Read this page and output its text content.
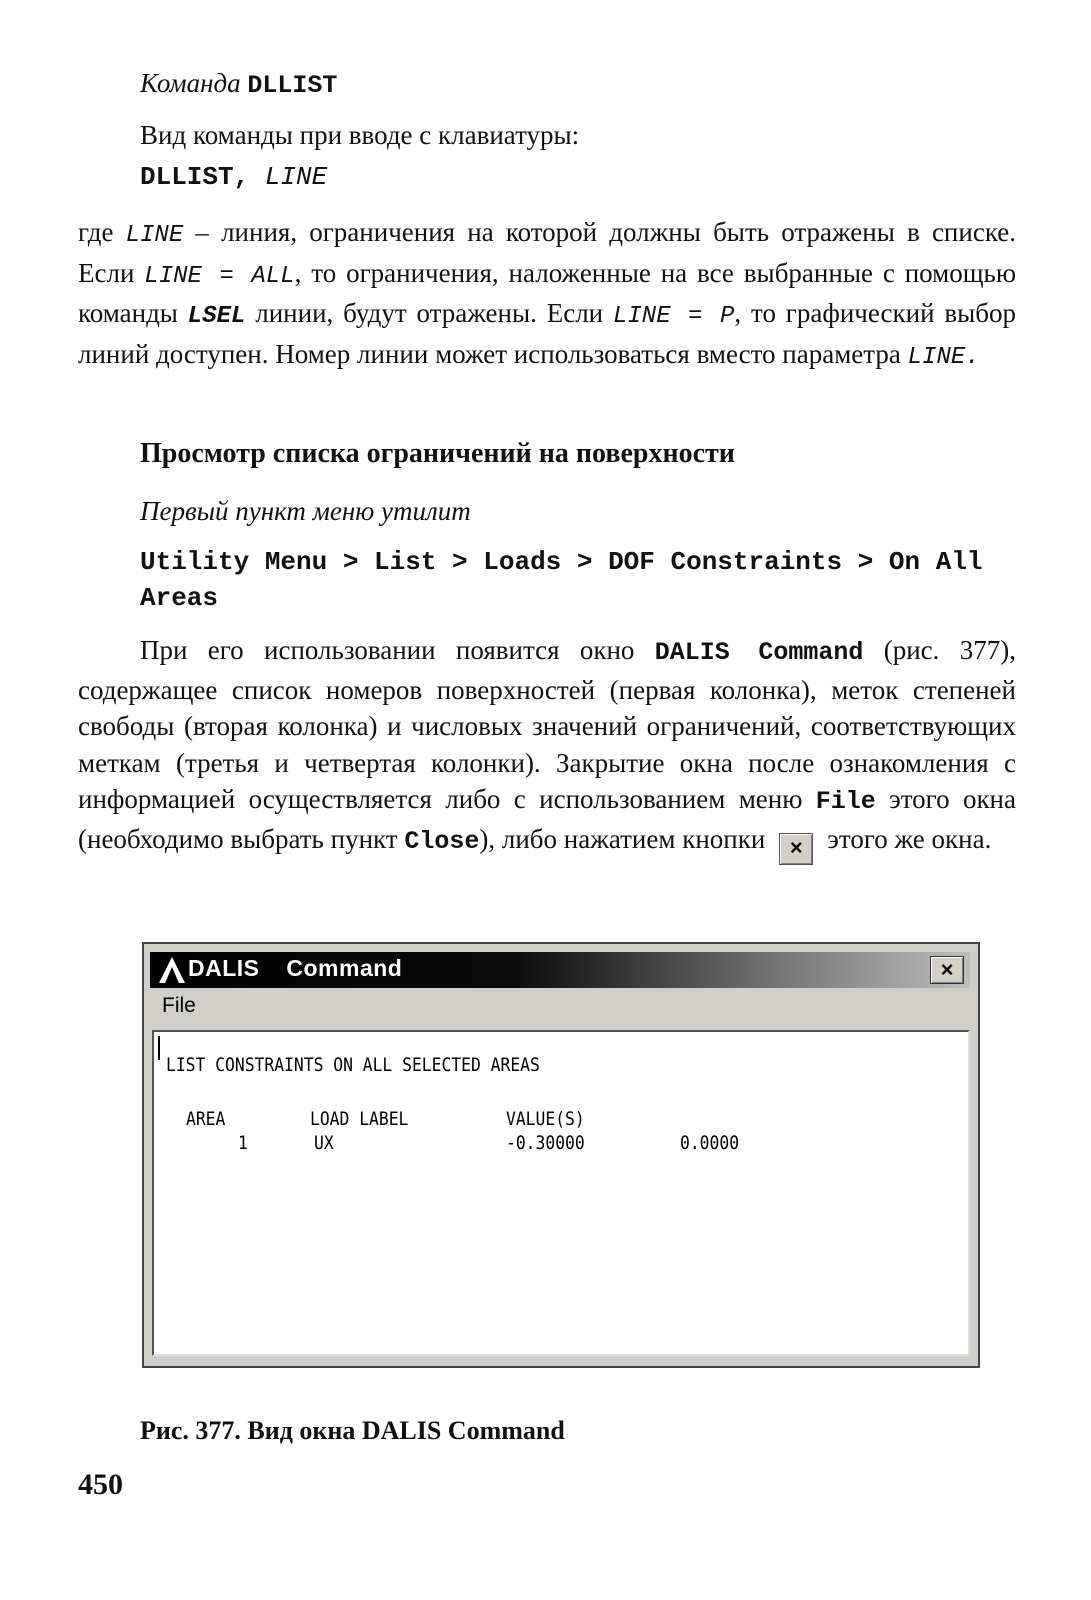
Команда DLLIST
Вид команды при вводе с клавиатуры:
DLLIST, LINE
где LINE – линия, ограничения на которой должны быть отражены в списке. Если LINE = ALL, то ограничения, наложенные на все выбранные с помощью команды LSEL линии, будут отражены. Если LINE = P, то графический выбор линий доступен. Номер линии может использоваться вместо параметра LINE.
Просмотр списка ограничений на поверхности
Первый пункт меню утилит
Utility Menu > List > Loads > DOF Constraints > On All Areas
При его использовании появится окно DALIS Command (рис. 377), содержащее список номеров поверхностей (первая колонка), меток степеней свободы (вторая колонка) и числовых значений ограничений, соответствующих меткам (третья и четвертая колонки). Закрытие окна после ознакомления с информацией осуществляется либо с использованием меню File этого окна (необходимо выбрать пункт Close), либо нажатием кнопки × этого же окна.
DALIS Command	×
File
LIST CONSTRAINTS ON ALL SELECTED AREAS
AREA	LOAD LABEL	VALUE(S)
1	UX	-0.30000	0.0000
Рис. 377. Вид окна DALIS Command
450
